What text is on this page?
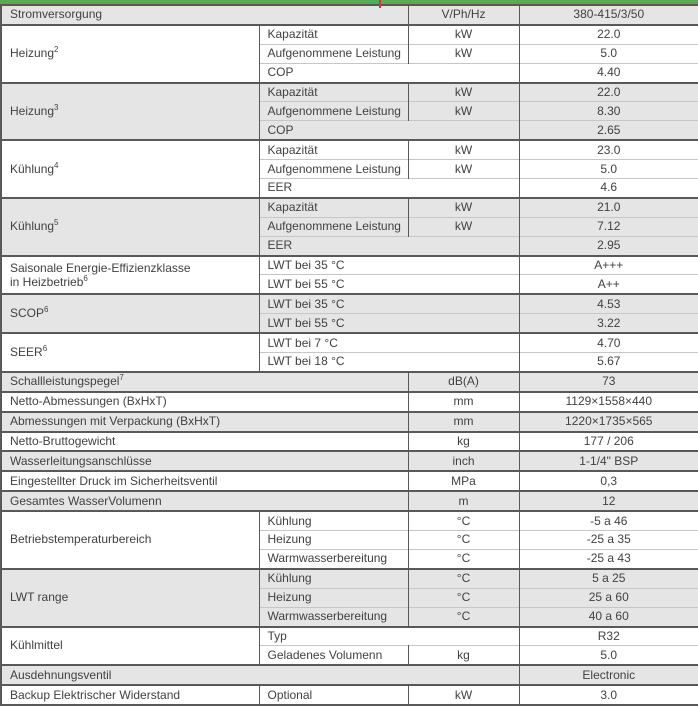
Stromversorgung		V/Ph/Hz	380-415/3/50
Heizung$^2$	Kapazität	kW	22.0
	Aufgenommene Leistung	kW	5.0
	COP		4.40
Heizung$^3$	Kapazität	kW	22.0
	Aufgenommene Leistung	kW	8.30
	COP		2.65
Kühlung$^4$	Kapazität	kW	23.0
	Aufgenommene Leistung	kW	5.0
	EER		4.6
Kühlung$^5$	Kapazität	kW	21.0
	Aufgenommene Leistung	kW	7.12
	EER		2.95

Saisonale Energie-Effizienzklasse
in Heizbetrieb$^6$	LWT bei 35 °C		A+++
	LWT bei 55 °C		A++
$SCOP^6$	LWT bei 35 °C		4.53
	LWT bei 55 °C		3.22
SEER$^6$	LWT bei 7 °C		4.70
	LWT bei 18 °C		5.67
Schallleistungspegel$^7$		dB(A)	73
Netto-Abmessungen (BxHxT)		mm	1129×1558×440
Abmessungen mit Verpackung (BxHxT)		mm	1220×1735×565
Netto-Bruttogewicht		kg	177 / 206
Wasserleitungsanschlüsse		inch	1-1/4" BSP
Eingestellter Druck im Sicherheitsventil		MPa	0,3
Gesamtes WasserVolumenn		m	12
Betriebstemperaturbereich	Kühlung	°C	-5 a 46
	Heizung	°C	-25 a 35
	Warmwasserbereitung	°C	-25 a 43
LWT range	Kühlung	°C	5 a 25
	Heizung	°C	25 a 60
	Warmwasserbereitung	°C	40 a 60
Kühlmittel	Typ		R32
	Geladenes Volumenn	kg	5.0
Ausdehnungsventil			Electronic
Backup Elektrischer Widerstand	Optional	kW	3.0
